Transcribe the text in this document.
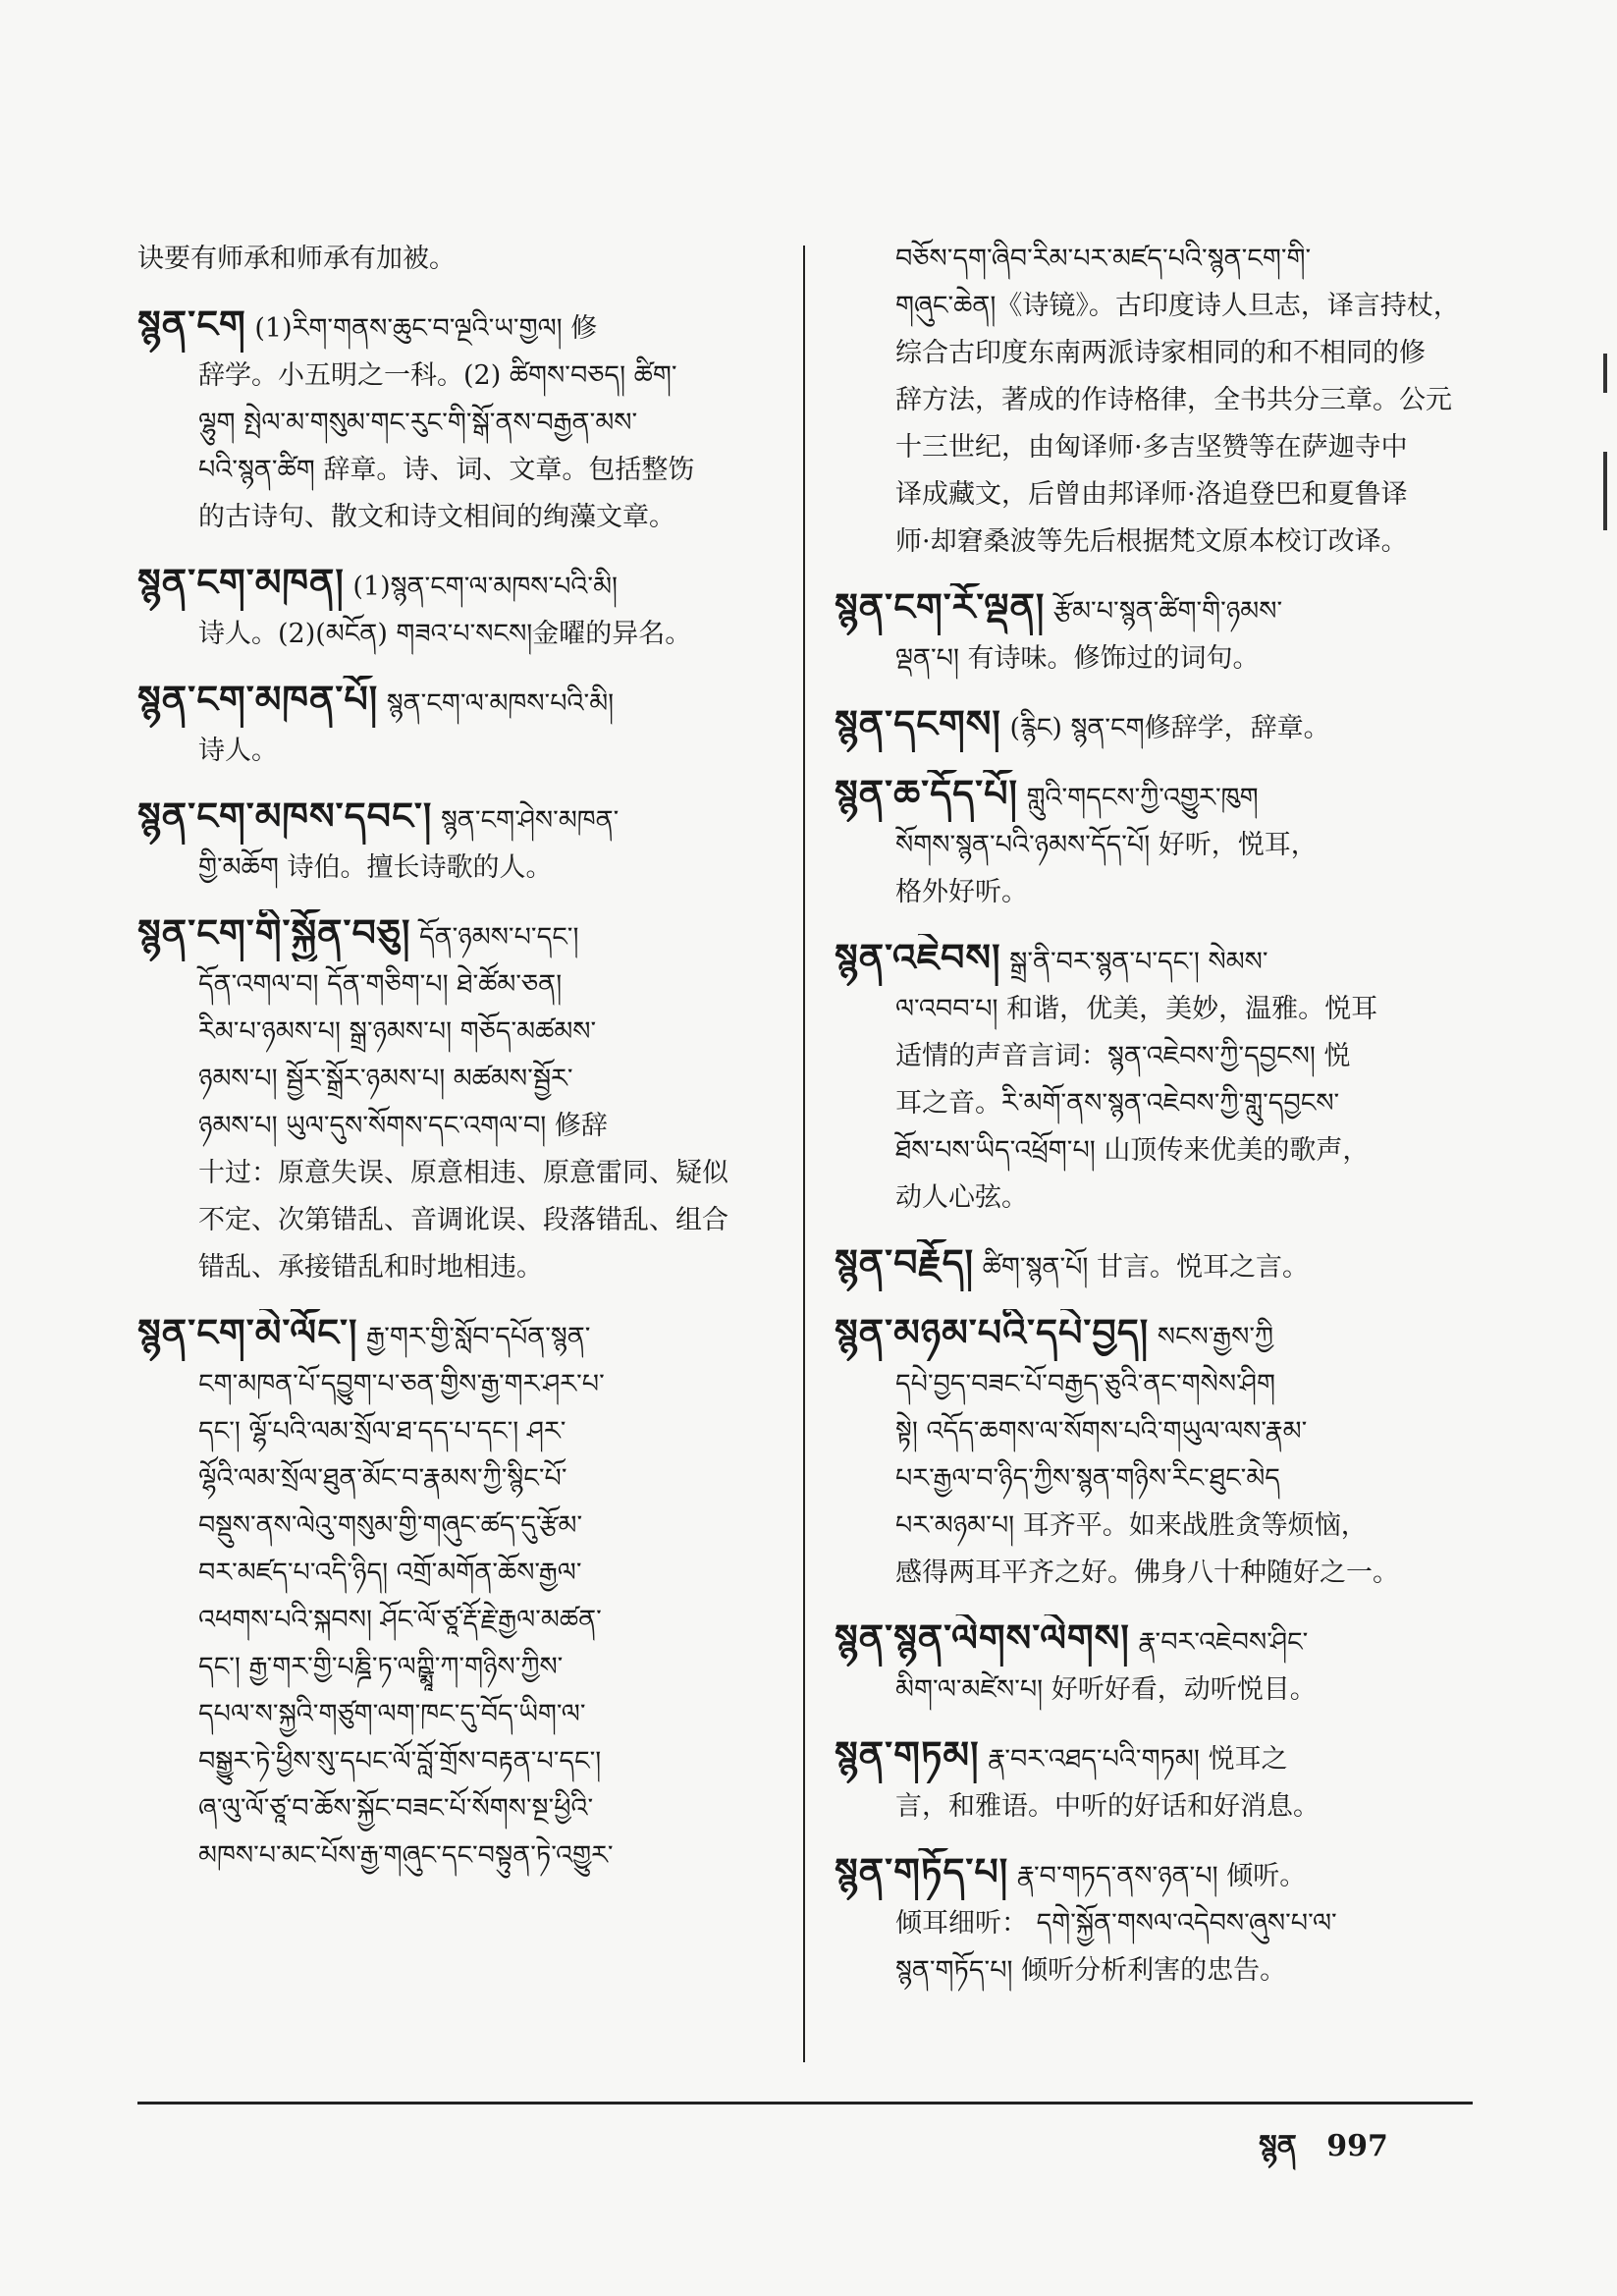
诀要有师承和师承有加被。
སྙན་ངག (1)རིག་གནས་ཆུང་བ་ལྔའི་ཡ་གྱལ། 修
辞学。小五明之一科。(2) ཚིགས་བཅད། ཚིག་
ལྷུག སྤེལ་མ་གསུམ་གང་རུང་གི་སྒོ་ནས་བརྒྱན་མས་
པའི་སྙན་ཚིག 辞章。诗、词、文章。包括整饬
的古诗句、散文和诗文相间的绚藻文章。
སྙན་ངག་མཁན། (1)སྙན་ངག་ལ་མཁས་པའི་མི།
诗人。(2)(མངོན) གཟའ་པ་སངས།金曜的异名。
སྙན་ངག་མཁན་པོ། སྙན་ངག་ལ་མཁས་པའི་མི།
诗人。
སྙན་ངག་མཁས་དབང་། སྙན་ངག་ཤེས་མཁན་
གྱི་མཆོག 诗伯。擅长诗歌的人。
སྙན་ངག་གི་སྐྱོན་བཅུ། དོན་ཉམས་པ་དང་།
དོན་འགལ་བ། དོན་གཅིག་པ། ཐེ་ཚོམ་ཅན།
རིམ་པ་ཉམས་པ། སྒྲ་ཉམས་པ། གཅོད་མཚམས་
ཉམས་པ། སྦྱོར་སྒྲོར་ཉམས་པ། མཚམས་སྦྱོར་
ཉམས་པ། ཡུལ་དུས་སོགས་དང་འགལ་བ། 修辞
十过：原意失误、原意相违、原意雷同、疑似
不定、次第错乱、音调讹误、段落错乱、组合
错乱、承接错乱和时地相违。
སྙན་ངག་མེ་ལོང་། རྒྱ་གར་གྱི་སློབ་དཔོན་སྙན་
ངག་མཁན་པོ་དབྱུག་པ་ཅན་གྱིས་རྒྱ་གར་ཤར་པ་
དང་། ལྷོ་པའི་ལམ་སྲོལ་ཐ་དད་པ་དང་། ཤར་
ལྷོའི་ལམ་སྲོལ་ཐུན་མོང་བ་རྣམས་ཀྱི་སྙིང་པོ་
བསྡུས་ནས་ལེའུ་གསུམ་གྱི་གཞུང་ཚད་དུ་རྩོམ་
བར་མཛད་པ་འདི་ཉིད། འགྲོ་མགོན་ཆོས་རྒྱལ་
འཕགས་པའི་སྐབས། ཤོང་ལོ་ཙཱ་རྡོ་རྗེ་རྒྱལ་མཚན་
དང་། རྒྱ་གར་གྱི་པཎྜི་ཏ་ལཀྵྨཱི་ཀ་གཉིས་ཀྱིས་
དཔལ་ས་སྐྱའི་གཙུག་ལག་ཁང་དུ་བོད་ཡིག་ལ་
བསྒྱུར་ཏེ་ཕྱིས་སུ་དཔང་ལོ་བློ་གྲོས་བརྟན་པ་དང་།
ཞ་ལུ་ལོ་ཙཱ་བ་ཆོས་སྐྱོང་བཟང་པོ་སོགས་སྔ་ཕྱིའི་
མཁས་པ་མང་པོས་རྒྱ་གཞུང་དང་བསྟུན་ཏེ་འགྱུར་
བཅོས་དག་ཞིབ་རིམ་པར་མཛད་པའི་སྙན་ངག་གི་
གཞུང་ཆེན།《诗镜》。古印度诗人旦志，译言持杖，
综合古印度东南两派诗家相同的和不相同的修
辞方法，著成的作诗格律，全书共分三章。公元
十三世纪，由匈译师·多吉坚赞等在萨迦寺中
译成藏文，后曾由邦译师·洛追登巴和夏鲁译
师·却窘桑波等先后根据梵文原本校订改译。
སྙན་ངག་རོ་ལྡན། རྩོམ་པ་སྙན་ཚིག་གི་ཉམས་
ལྡན་པ། 有诗味。修饰过的词句。
སྙན་དངགས། (རྙིང) སྙན་ངག修辞学，辞章。
སྙན་ཆ་དོད་པོ། གླུའི་གདངས་ཀྱི་འགྱུར་ཁུག
སོགས་སྙན་པའི་ཉམས་དོད་པོ། 好听，悦耳，
格外好听。
སྙན་འཇེབས། སྒྲ་ནི་བར་སྙན་པ་དང་། སེམས་
ལ་འབབ་པ། 和谐，优美，美妙，温雅。悦耳
适情的声音言词：སྙན་འཇེབས་ཀྱི་དབྱངས། 悦
耳之音。རི་མགོ་ནས་སྙན་འཇེབས་ཀྱི་གླུ་དབྱངས་
ཐོས་པས་ཡིད་འཕྲོག་པ། 山顶传来优美的歌声，
动人心弦。
སྙན་བརྗོད། ཚིག་སྙན་པོ། 甘言。悦耳之言。
སྙན་མཉམ་པའི་དཔེ་བྱད། སངས་རྒྱས་ཀྱི
དཔེ་བྱད་བཟང་པོ་བརྒྱད་ཅུའི་ནང་གསེས་ཤིག
སྟེ། འདོད་ཆགས་ལ་སོགས་པའི་གཡུལ་ལས་རྣམ་
པར་རྒྱལ་བ་ཉིད་ཀྱིས་སྙན་གཉིས་རིང་ཐུང་མེད
པར་མཉམ་པ། 耳齐平。如来战胜贪等烦恼，
感得两耳平齐之好。佛身八十种随好之一。
སྙན་སྙན་ལེགས་ལེགས། རྣ་བར་འཇེབས་ཤིང་
མིག་ལ་མཛེས་པ། 好听好看，动听悦目。
སྙན་གཏམ། རྣ་བར་འཐད་པའི་གཏམ། 悦耳之
言，和雅语。中听的好话和好消息。
སྙན་གཏོད་པ། རྣ་བ་གཏད་ནས་ཉན་པ། 倾听。
倾耳细听： དགེ་སྐྱོན་གསལ་འདེབས་ཞུས་པ་ལ་
སྙན་གཏོད་པ། 倾听分析利害的忠告。
སྙན 997
